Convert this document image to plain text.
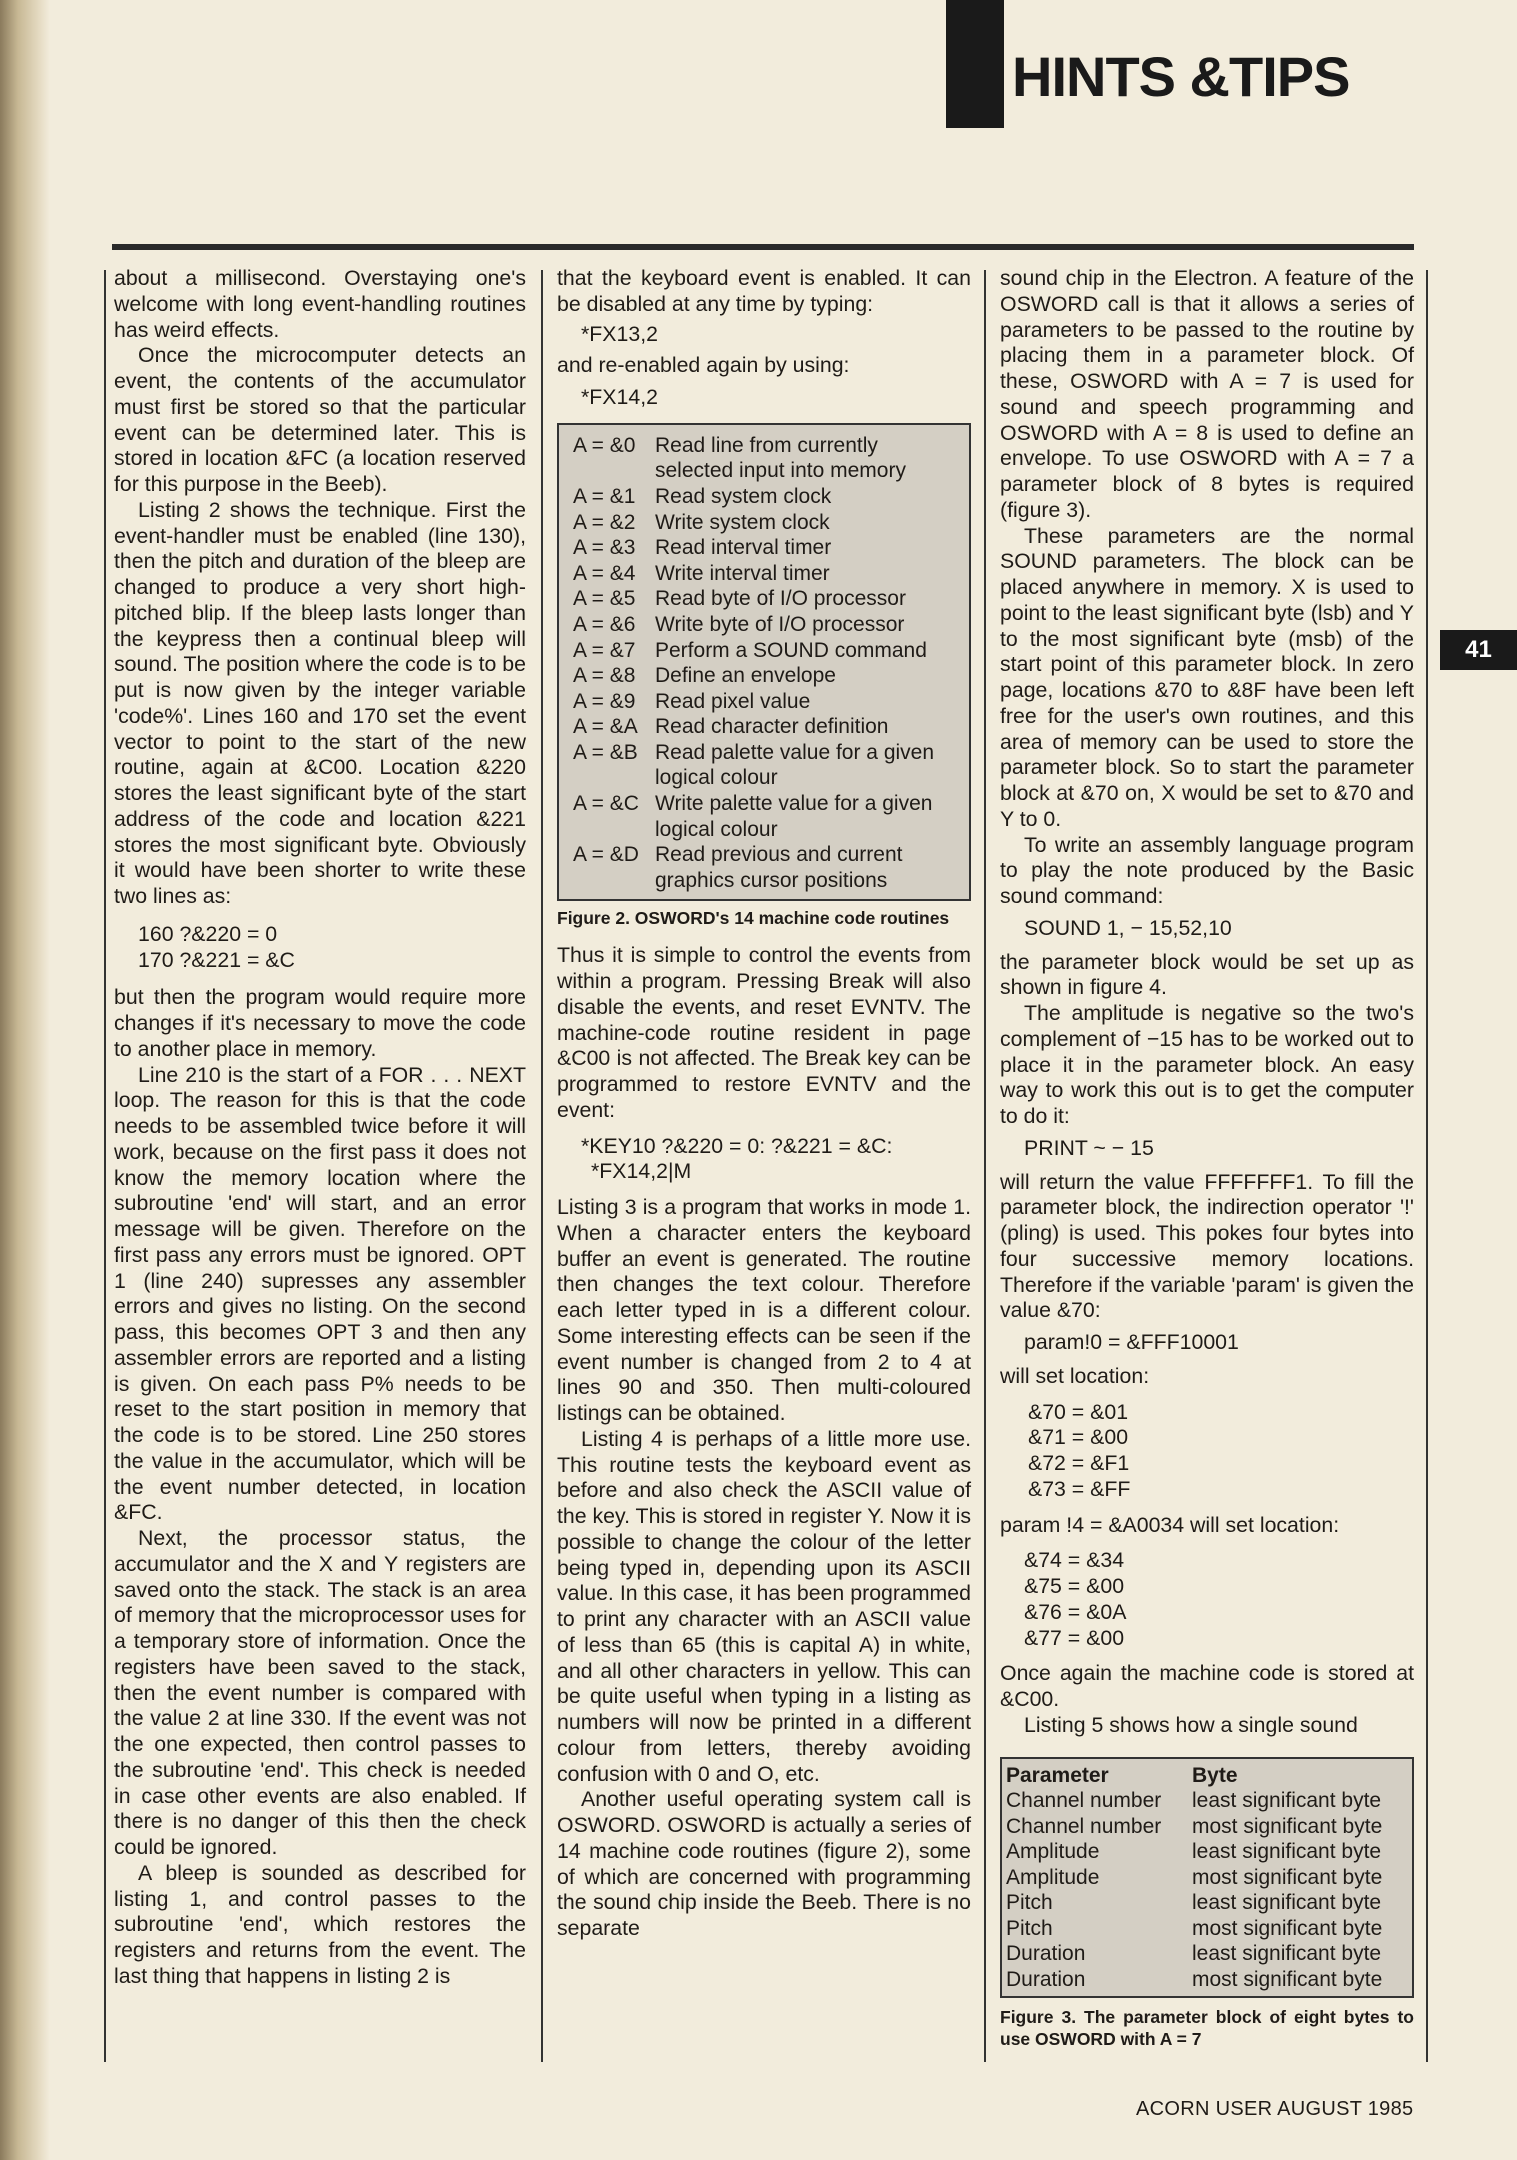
HINTS &TIPS

about a millisecond. Overstaying one's welcome with long event-handling routines has weird effects.

Once the microcomputer detects an event, the contents of the accumulator must first be stored so that the particular event can be determined later. This is stored in location &FC (a location reserved for this purpose in the Beeb).

Listing 2 shows the technique. First the event-handler must be enabled (line 130), then the pitch and duration of the bleep are changed to produce a very short high-pitched blip. If the bleep lasts longer than the keypress then a continual bleep will sound. The position where the code is to be put is now given by the integer variable 'code%'. Lines 160 and 170 set the event vector to point to the start of the new routine, again at &C00. Location &220 stores the least significant byte of the start address of the code and location &221 stores the most significant byte. Obviously it would have been shorter to write these two lines as:

160 ?&220 = 0
170 ?&221 = &C

but then the program would require more changes if it's necessary to move the code to another place in memory.

Line 210 is the start of a FOR . . . NEXT loop. The reason for this is that the code needs to be assembled twice before it will work, because on the first pass it does not know the memory location where the subroutine 'end' will start, and an error message will be given. Therefore on the first pass any errors must be ignored. OPT 1 (line 240) supresses any assembler errors and gives no listing. On the second pass, this becomes OPT 3 and then any assembler errors are reported and a listing is given. On each pass P% needs to be reset to the start position in memory that the code is to be stored. Line 250 stores the value in the accumulator, which will be the event number detected, in location &FC.

Next, the processor status, the accumulator and the X and Y registers are saved onto the stack. The stack is an area of memory that the microprocessor uses for a temporary store of information. Once the registers have been saved to the stack, then the event number is compared with the value 2 at line 330. If the event was not the one expected, then control passes to the subroutine 'end'. This check is needed in case other events are also enabled. If there is no danger of this then the check could be ignored.

A bleep is sounded as described for listing 1, and control passes to the subroutine 'end', which restores the registers and returns from the event. The last thing that happens in listing 2 is

that the keyboard event is enabled. It can be disabled at any time by typing:

*FX13,2

and re-enabled again by using:

*FX14,2
A = &0 Read line from currently selected input into memory
A = &1 Read system clock
A = &2 Write system clock
A = &3 Read interval timer
A = &4 Write interval timer
A = &5 Read byte of I/O processor
A = &6 Write byte of I/O processor
A = &7 Perform a SOUND command
A = &8 Define an envelope
A = &9 Read pixel value
A = &A Read character definition
A = &B Read palette value for a given logical colour
A = &C Write palette value for a given logical colour
A = &D Read previous and current graphics cursor positions
Figure 2. OSWORD's 14 machine code routines

Thus it is simple to control the events from within a program. Pressing Break will also disable the events, and reset EVNTV. The machine-code routine resident in page &C00 is not affected. The Break key can be programmed to restore EVNTV and the event:

*KEY10 ?&220 = 0: ?&221 = &C:
*FX14,2|M

Listing 3 is a program that works in mode 1. When a character enters the keyboard buffer an event is generated. The routine then changes the text colour. Therefore each letter typed in is a different colour. Some interesting effects can be seen if the event number is changed from 2 to 4 at lines 90 and 350. Then multi-coloured listings can be obtained.

Listing 4 is perhaps of a little more use. This routine tests the keyboard event as before and also check the ASCII value of the key. This is stored in register Y. Now it is possible to change the colour of the letter being typed in, depending upon its ASCII value. In this case, it has been programmed to print any character with an ASCII value of less than 65 (this is capital A) in white, and all other characters in yellow. This can be quite useful when typing in a listing as numbers will now be printed in a different colour from letters, thereby avoiding confusion with 0 and O, etc.

Another useful operating system call is OSWORD. OSWORD is actually a series of 14 machine code routines (figure 2), some of which are concerned with programming the sound chip inside the Beeb. There is no separate

sound chip in the Electron. A feature of the OSWORD call is that it allows a series of parameters to be passed to the routine by placing them in a parameter block. Of these, OSWORD with A = 7 is used for sound and speech programming and OSWORD with A = 8 is used to define an envelope. To use OSWORD with A = 7 a parameter block of 8 bytes is required (figure 3).

These parameters are the normal SOUND parameters. The block can be placed anywhere in memory. X is used to point to the least significant byte (lsb) and Y to the most significant byte (msb) of the start point of this parameter block. In zero page, locations &70 to &8F have been left free for the user's own routines, and this area of memory can be used to store the parameter block. So to start the parameter block at &70 on, X would be set to &70 and Y to 0.

To write an assembly language program to play the note produced by the Basic sound command:

SOUND 1, − 15,52,10

the parameter block would be set up as shown in figure 4.

The amplitude is negative so the two's complement of −15 has to be worked out to place it in the parameter block. An easy way to work this out is to get the computer to do it:

PRINT ~ − 15

will return the value FFFFFFF1. To fill the parameter block, the indirection operator '!' (pling) is used. This pokes four bytes into four successive memory locations. Therefore if the variable 'param' is given the value &70:

param!0 = &FFF10001

will set location:

&70 = &01
&71 = &00
&72 = &F1
&73 = &FF

param !4 = &A0034 will set location:

&74 = &34
&75 = &00
&76 = &0A
&77 = &00

Once again the machine code is stored at &C00.

Listing 5 shows how a single sound

Parameter	Byte
Channel number	least significant byte
Channel number	most significant byte
Amplitude	least significant byte
Amplitude	most significant byte
Pitch	least significant byte
Pitch	most significant byte
Duration	least significant byte
Duration	most significant byte
Figure 3. The parameter block of eight bytes to use OSWORD with A = 7
41
ACORN USER AUGUST 1985
